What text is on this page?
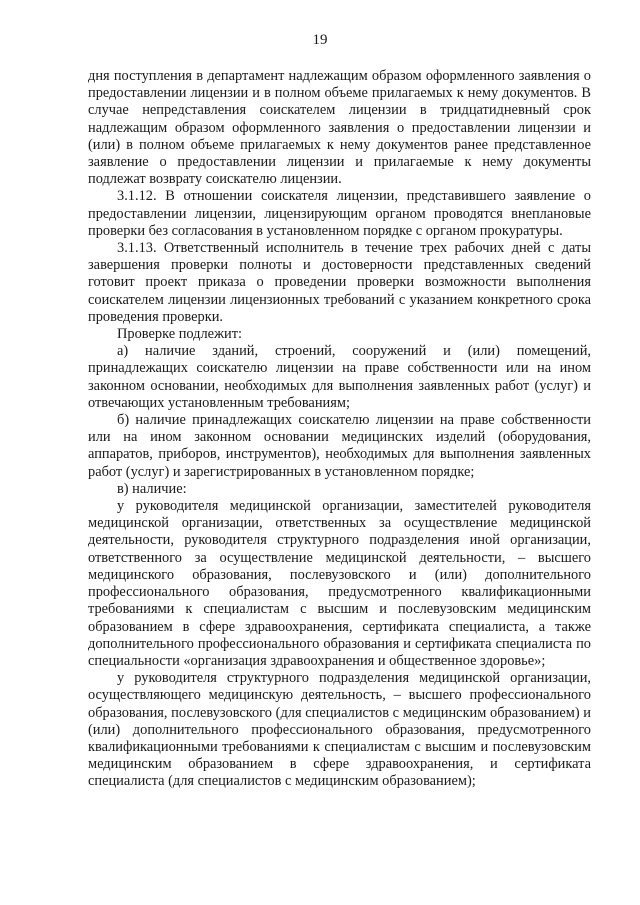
19

дня поступления в департамент надлежащим образом оформленного заявления о предоставлении лицензии и в полном объеме прилагаемых к нему документов. В случае непредставления соискателем лицензии в тридцатидневный срок надлежащим образом оформленного заявления о предоставлении лицензии и (или) в полном объеме прилагаемых к нему документов ранее представленное заявление о предоставлении лицензии и прилагаемые к нему документы подлежат возврату соискателю лицензии.

3.1.12. В отношении соискателя лицензии, представившего заявление о предоставлении лицензии, лицензирующим органом проводятся внеплановые проверки без согласования в установленном порядке с органом прокуратуры.

3.1.13. Ответственный исполнитель в течение трех рабочих дней с даты завершения проверки полноты и достоверности представленных сведений готовит проект приказа о проведении проверки возможности выполнения соискателем лицензии лицензионных требований с указанием конкретного срока проведения проверки.

Проверке подлежит:

а) наличие зданий, строений, сооружений и (или) помещений, принадлежащих соискателю лицензии на праве собственности или на ином законном основании, необходимых для выполнения заявленных работ (услуг) и отвечающих установленным требованиям;

б) наличие принадлежащих соискателю лицензии на праве собственности или на ином законном основании медицинских изделий (оборудования, аппаратов, приборов, инструментов), необходимых для выполнения заявленных работ (услуг) и зарегистрированных в установленном порядке;

в) наличие:

у руководителя медицинской организации, заместителей руководителя медицинской организации, ответственных за осуществление медицинской деятельности, руководителя структурного подразделения иной организации, ответственного за осуществление медицинской деятельности, – высшего медицинского образования, послевузовского и (или) дополнительного профессионального образования, предусмотренного квалификационными требованиями к специалистам с высшим и послевузовским медицинским образованием в сфере здравоохранения, сертификата специалиста, а также дополнительного профессионального образования и сертификата специалиста по специальности «организация здравоохранения и общественное здоровье»;

у руководителя структурного подразделения медицинской организации, осуществляющего медицинскую деятельность, – высшего профессионального образования, послевузовского (для специалистов с медицинским образованием) и (или) дополнительного профессионального образования, предусмотренного квалификационными требованиями к специалистам с высшим и послевузовским медицинским образованием в сфере здравоохранения, и сертификата специалиста (для специалистов с медицинским образованием);
